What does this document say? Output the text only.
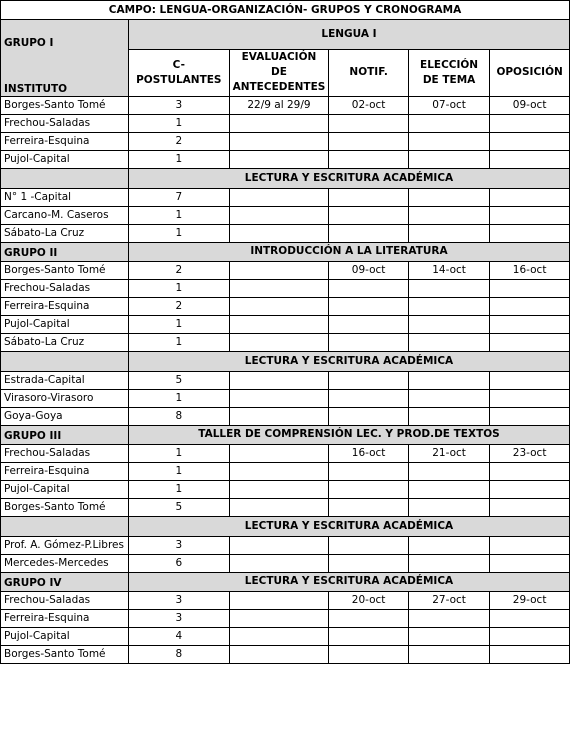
CAMPO: LENGUA-ORGANIZACIÓN- GRUPOS Y CRONOGRAMA					
GRUPO I	LENGUA I				
INSTITUTO	C-POSTULANTES	EVALUACIÓN DE ANTECEDENTES	NOTIF.	ELECCIÓN DE TEMA	OPOSICIÓN
Borges-Santo Tomé	3	22/9 al 29/9	02-oct	07-oct	09-oct
Frechou-Saladas	1				
Ferreira-Esquina	2				
Pujol-Capital	1				
	LECTURA Y ESCRITURA ACADÉMICA				
N° 1 -Capital	7				
Carcano-M. Caseros	1				
Sábato-La Cruz	1				
GRUPO II	INTRODUCCIÓN A LA LITERATURA				
Borges-Santo Tomé	2		09-oct	14-oct	16-oct
Frechou-Saladas	1				
Ferreira-Esquina	2				
Pujol-Capital	1				
Sábato-La Cruz	1				
	LECTURA Y ESCRITURA ACADÉMICA				
Estrada-Capital	5				
Virasoro-Virasoro	1				
Goya-Goya	8				
GRUPO III	TALLER DE COMPRENSIÓN LEC. Y PROD.DE TEXTOS				
Frechou-Saladas	1		16-oct	21-oct	23-oct
Ferreira-Esquina	1				
Pujol-Capital	1				
Borges-Santo Tomé	5				
	LECTURA Y ESCRITURA ACADÉMICA				
Prof. A. Gómez-P.Libres	3				
Mercedes-Mercedes	6				
GRUPO IV	LECTURA Y ESCRITURA ACADÉMICA				
Frechou-Saladas	3		20-oct	27-oct	29-oct
Ferreira-Esquina	3				
Pujol-Capital	4				
Borges-Santo Tomé	8				
